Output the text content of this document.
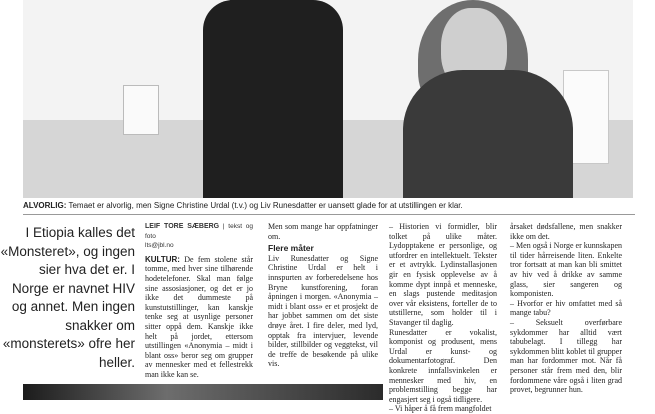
ALVORLIG: Temaet er alvorlig, men Signe Christine Urdal (t.v.) og Liv Runesdatter er uansett glade for at utstillingen er klar.
I Etiopia kalles det «Monsteret», og ingen sier hva det er. I Norge er navnet HIV og annet. Men ingen snakker om «monsterets» ofre her heller.
LEIF TORE SÆBERG | tekst og foto
lts@jbl.no

KULTUR: De fem stolene står tomme, med hver sine tilhørende hodetelefoner. Skal man følge sine assosiasjoner, og det er jo ikke det dummeste på kunstutstillinger, kan kanskje tenke seg at usynlige personer sitter oppå dem. Kanskje ikke helt på jordet, ettersom utstillingen «Anonymia – midt i blant oss» beror seg om grupper av mennesker med et fellestrekk man ikke kan se.

Men som mange har oppfatninger om.

Flere måter

Liv Runesdatter og Signe Christine Urdal er helt i innspurten av forberedelsene hos Bryne kunstforening, foran åpningen i morgen. «Anonymia – midt i blant oss» er et prosjekt de har jobbet sammen om det siste drøye året. I fire deler, med lyd, opptak fra intervjuer, levende bilder, stillbilder og veggtekst, vil de treffe de besøkende på ulike vis.

– Historien vi formidler, blir tolket på ulike måter. Lydopptakene er personlige, og utfordrer en intellektuelt. Tekster er et avtrykk. Lydinstallasjonen gir en fysisk opplevelse av å komme dypt innpå et menneske, en slags pustende meditasjon over vår eksistens, forteller de to utstillerne, som holder til i Stavanger til daglig.

Runesdatter er vokalist, komponist og produsent, mens Urdal er kunst- og dokumentarfotograf. Den konkrete innfallsvinkelen er mennesker med hiv, en problemstilling begge har engasjert seg i også tidligere.

– Vi håper å få frem mangfoldet

årsaket dødsfallene, men snakker ikke om det.

– Men også i Norge er kunnskapen til tider hårreisende liten. Enkelte tror fortsatt at man kan bli smittet av hiv ved å drikke av samme glass, sier sangeren og komponisten.

– Hvorfor er hiv omfattet med så mange tabu?

– Seksuelt overførbare sykdommer har alltid vært tabubelagt. I tillegg har sykdommen blitt koblet til grupper man har fordommer mot. Når få personer står frem med den, blir fordommene våre også i liten grad provet, begrunner hun.
